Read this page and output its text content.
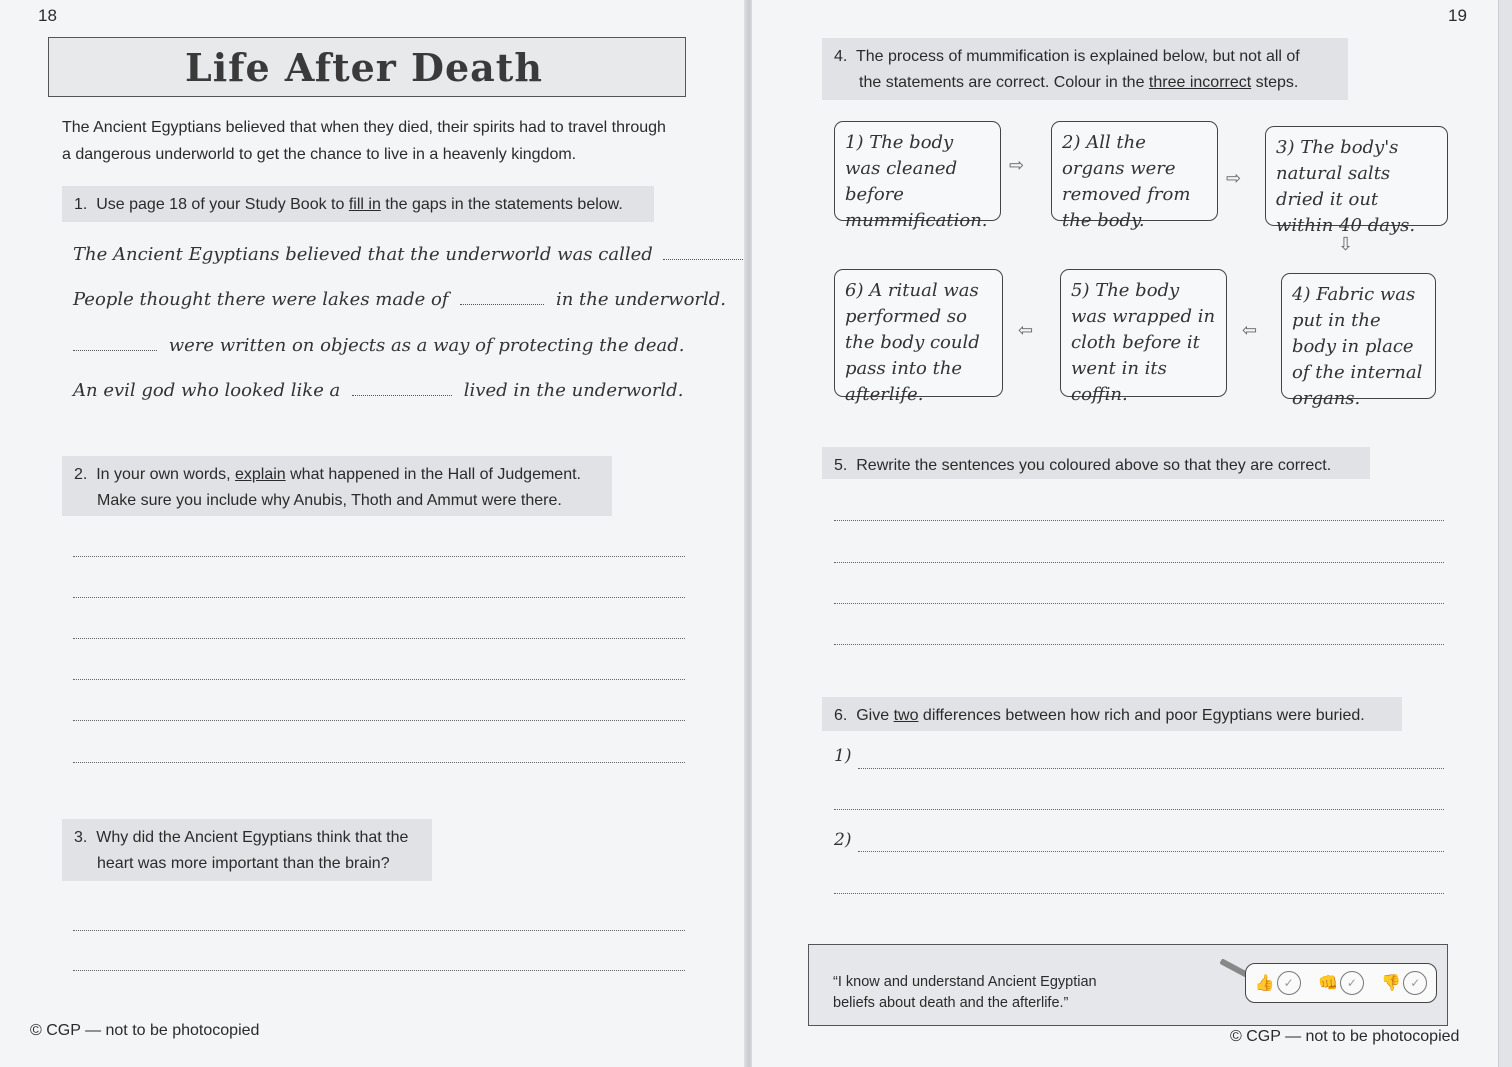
18
Life After Death
The Ancient Egyptians believed that when they died, their spirits had to travel through a dangerous underworld to get the chance to live in a heavenly kingdom.
1. Use page 18 of your Study Book to fill in the gaps in the statements below.
The Ancient Egyptians believed that the underworld was called
People thought there were lakes made of	in the underworld.
were written on objects as a way of protecting the dead.
An evil god who looked like a	lived in the underworld.
2. In your own words, explain what happened in the Hall of Judgement.
Make sure you include why Anubis, Thoth and Ammut were there.
3. Why did the Ancient Egyptians think that the
heart was more important than the brain?
© CGP — not to be photocopied
19
4. The process of mummification is explained below, but not all of
the statements are correct. Colour in the three incorrect steps.
1) The body was cleaned before mummification.
⇨
2) All the organs were removed from the body.
⇨
3) The body's natural salts dried it out within 40 days.
⇩
4) Fabric was put in the body in place of the internal organs.
⇦
5) The body was wrapped in cloth before it went in its coffin.
⇦
6) A ritual was performed so the body could pass into the afterlife.
5. Rewrite the sentences you coloured above so that they are correct.
6. Give two differences between how rich and poor Egyptians were buried.
1)
2)
© CGP — not to be photocopied
“I know and understand Ancient Egyptian
beliefs about death and the afterlife.”
👍 ✓	👊 ✓	👎 ✓
